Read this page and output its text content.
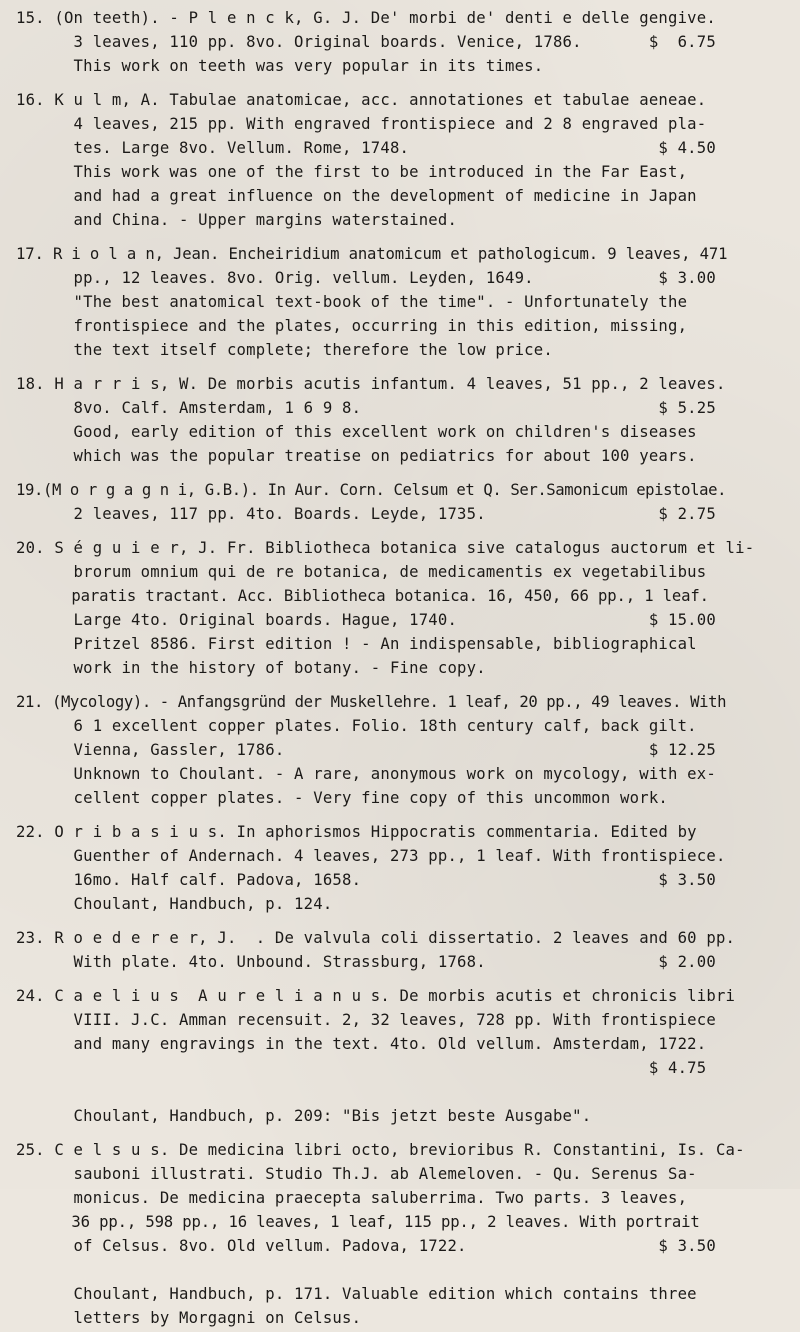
15. (On teeth). - P l e n c k, G. J. De' morbi de' denti e delle gengive.
3 leaves, 110 pp. 8vo. Original boards. Venice, 1786.       $  6.75
This work on teeth was very popular in its times.
16. K u l m, A. Tabulae anatomicae, acc. annotationes et tabulae aeneae.
4 leaves, 215 pp. With engraved frontispiece and 2 8 engraved pla-
tes. Large 8vo. Vellum. Rome, 1748.                          $ 4.50
This work was one of the first to be introduced in the Far East,
and had a great influence on the development of medicine in Japan
and China. - Upper margins waterstained.
17. R i o l a n, Jean. Encheiridium anatomicum et pathologicum. 9 leaves, 471
pp., 12 leaves. 8vo. Orig. vellum. Leyden, 1649.             $ 3.00
"The best anatomical text-book of the time". - Unfortunately the
frontispiece and the plates, occurring in this edition, missing,
the text itself complete; therefore the low price.
18. H a r r i s, W. De morbis acutis infantum. 4 leaves, 51 pp., 2 leaves.
8vo. Calf. Amsterdam, 1 6 9 8.                               $ 5.25
Good, early edition of this excellent work on children's diseases
which was the popular treatise on pediatrics for about 100 years.
19.(M o r g a g n i, G.B.). In Aur. Corn. Celsum et Q. Ser.Samonicum epistolae.
2 leaves, 117 pp. 4to. Boards. Leyde, 1735.                  $ 2.75
20. S é g u i e r, J. Fr. Bibliotheca botanica sive catalogus auctorum et li-
brorum omnium qui de re botanica, de medicamentis ex vegetabilibus
paratis tractant. Acc. Bibliotheca botanica. 16, 450, 66 pp., 1 leaf.
Large 4to. Original boards. Hague, 1740.                    $ 15.00
Pritzel 8586. First edition ! - An indispensable, bibliographical
work in the history of botany. - Fine copy.
21. (Mycology). - Anfangsgründ der Muskellehre. 1 leaf, 20 pp., 49 leaves. With
6 1 excellent copper plates. Folio. 18th century calf, back gilt.
Vienna, Gassler, 1786.                                      $ 12.25
Unknown to Choulant. - A rare, anonymous work on mycology, with ex-
cellent copper plates. - Very fine copy of this uncommon work.
22. O r i b a s i u s. In aphorismos Hippocratis commentaria. Edited by
Guenther of Andernach. 4 leaves, 273 pp., 1 leaf. With frontispiece.
16mo. Half calf. Padova, 1658.                               $ 3.50
Choulant, Handbuch, p. 124.
23. R o e d e r e r, J.  . De valvula coli dissertatio. 2 leaves and 60 pp.
With plate. 4to. Unbound. Strassburg, 1768.                  $ 2.00
24. C a e l i u s  A u r e l i a n u s. De morbis acutis et chronicis libri
VIII. J.C. Amman recensuit. 2, 32 leaves, 728 pp. With frontispiece
and many engravings in the text. 4to. Old vellum. Amsterdam, 1722.
$ 4.75
Choulant, Handbuch, p. 209: "Bis jetzt beste Ausgabe".
25. C e l s u s. De medicina libri octo, brevioribus R. Constantini, Is. Ca-
sauboni illustrati. Studio Th.J. ab Alemeloven. - Qu. Serenus Sa-
monicus. De medicina praecepta saluberrima. Two parts. 3 leaves,
36 pp., 598 pp., 16 leaves, 1 leaf, 115 pp., 2 leaves. With portrait
of Celsus. 8vo. Old vellum. Padova, 1722.                    $ 3.50
Choulant, Handbuch, p. 171. Valuable edition which contains three
letters by Morgagni on Celsus.
